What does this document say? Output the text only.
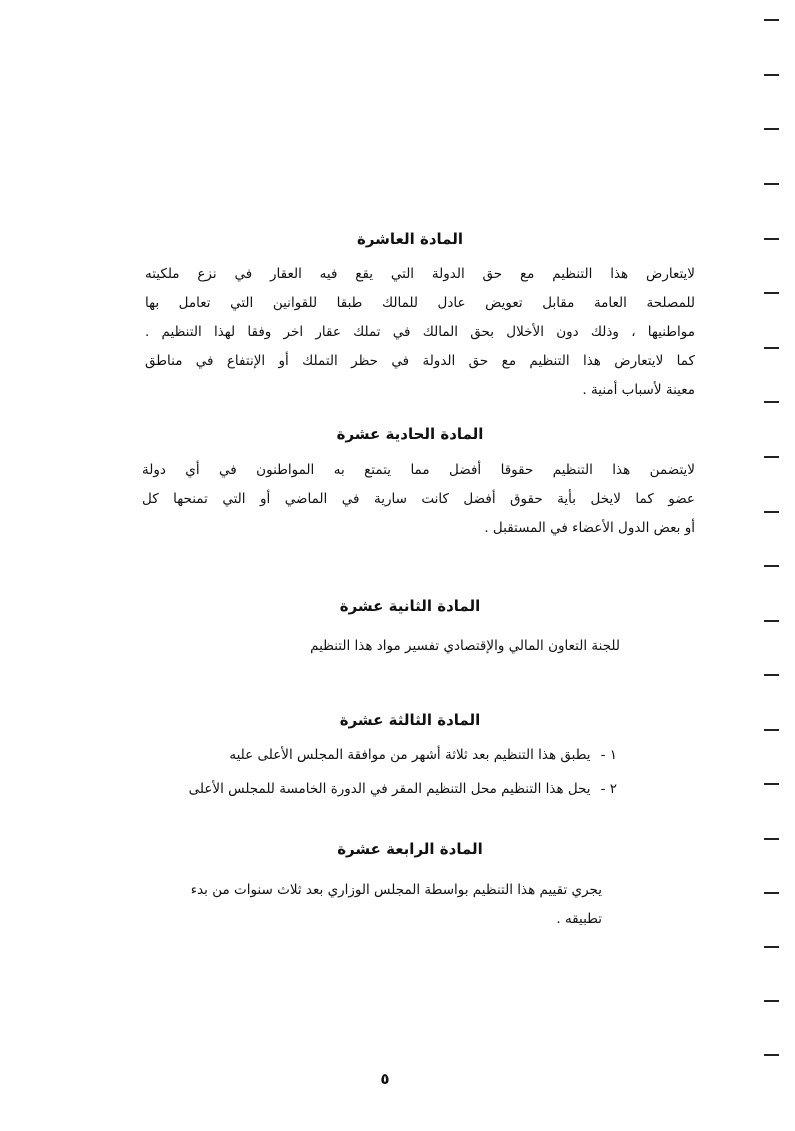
المادة العاشرة
لايتعارض هذا التنظيم مع حق الدولة التي يقع فيه العقار في نزع ملكيته
للمصلحة العامة مقابل تعويض عادل للمالك طبقا للقوانين التي تعامل بها
مواطنيها ، وذلك دون الأخلال بحق المالك في تملك عقار اخر وفقا لهذا التنظيم .
كما لايتعارض هذا التنظيم مع حق الدولة في حظر التملك أو الإنتفاع في مناطق
معينة لأسباب أمنية .
المادة الحادية عشرة
لايتضمن هذا التنظيم حقوقا أفضل مما يتمتع به المواطنون في أي دولة
عضو كما لايخل بأية حقوق أفضل كانت سارية في الماضي أو التي تمنحها كل
أو بعض الدول الأعضاء في المستقبل .
المادة الثانية عشرة
للجنة التعاون المالي والإقتصادي تفسير مواد هذا التنظيم
المادة الثالثة عشرة
١ -يطبق هذا التنظيم بعد ثلاثة أشهر من موافقة المجلس الأعلى عليه
٢ -يحل هذا التنظيم محل التنظيم المقر في الدورة الخامسة للمجلس الأعلى
المادة الرابعة عشرة
يجري تقييم هذا التنظيم بواسطة المجلس الوزاري بعد ثلاث سنوات من بدء
تطبيقه .
٥
